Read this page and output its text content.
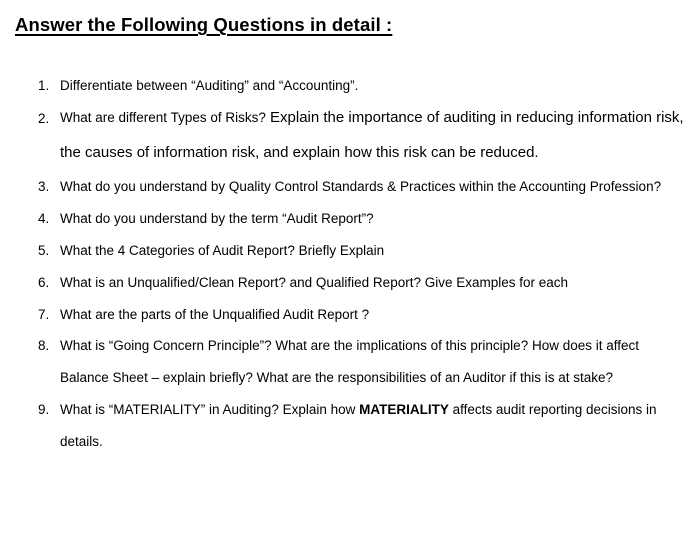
Answer the Following Questions in detail :
1. Differentiate between “Auditing” and “Accounting”.
2. What are different Types of Risks? Explain the importance of auditing in reducing information risk,
the causes of information risk, and explain how this risk can be reduced.
3. What do you understand by Quality Control Standards & Practices within the Accounting Profession?
4. What do you understand by the term “Audit Report”?
5. What the 4 Categories of Audit Report? Briefly Explain
6. What is an Unqualified/Clean Report? and Qualified Report? Give Examples for each
7. What are the parts of the Unqualified Audit Report ?
8. What is “Going Concern Principle”? What are the implications of this principle? How does it affect
Balance Sheet – explain briefly? What are the responsibilities of an Auditor if this is at stake?
9. What is “MATERIALITY” in Auditing? Explain how MATERIALITY affects audit reporting decisions in
details.
